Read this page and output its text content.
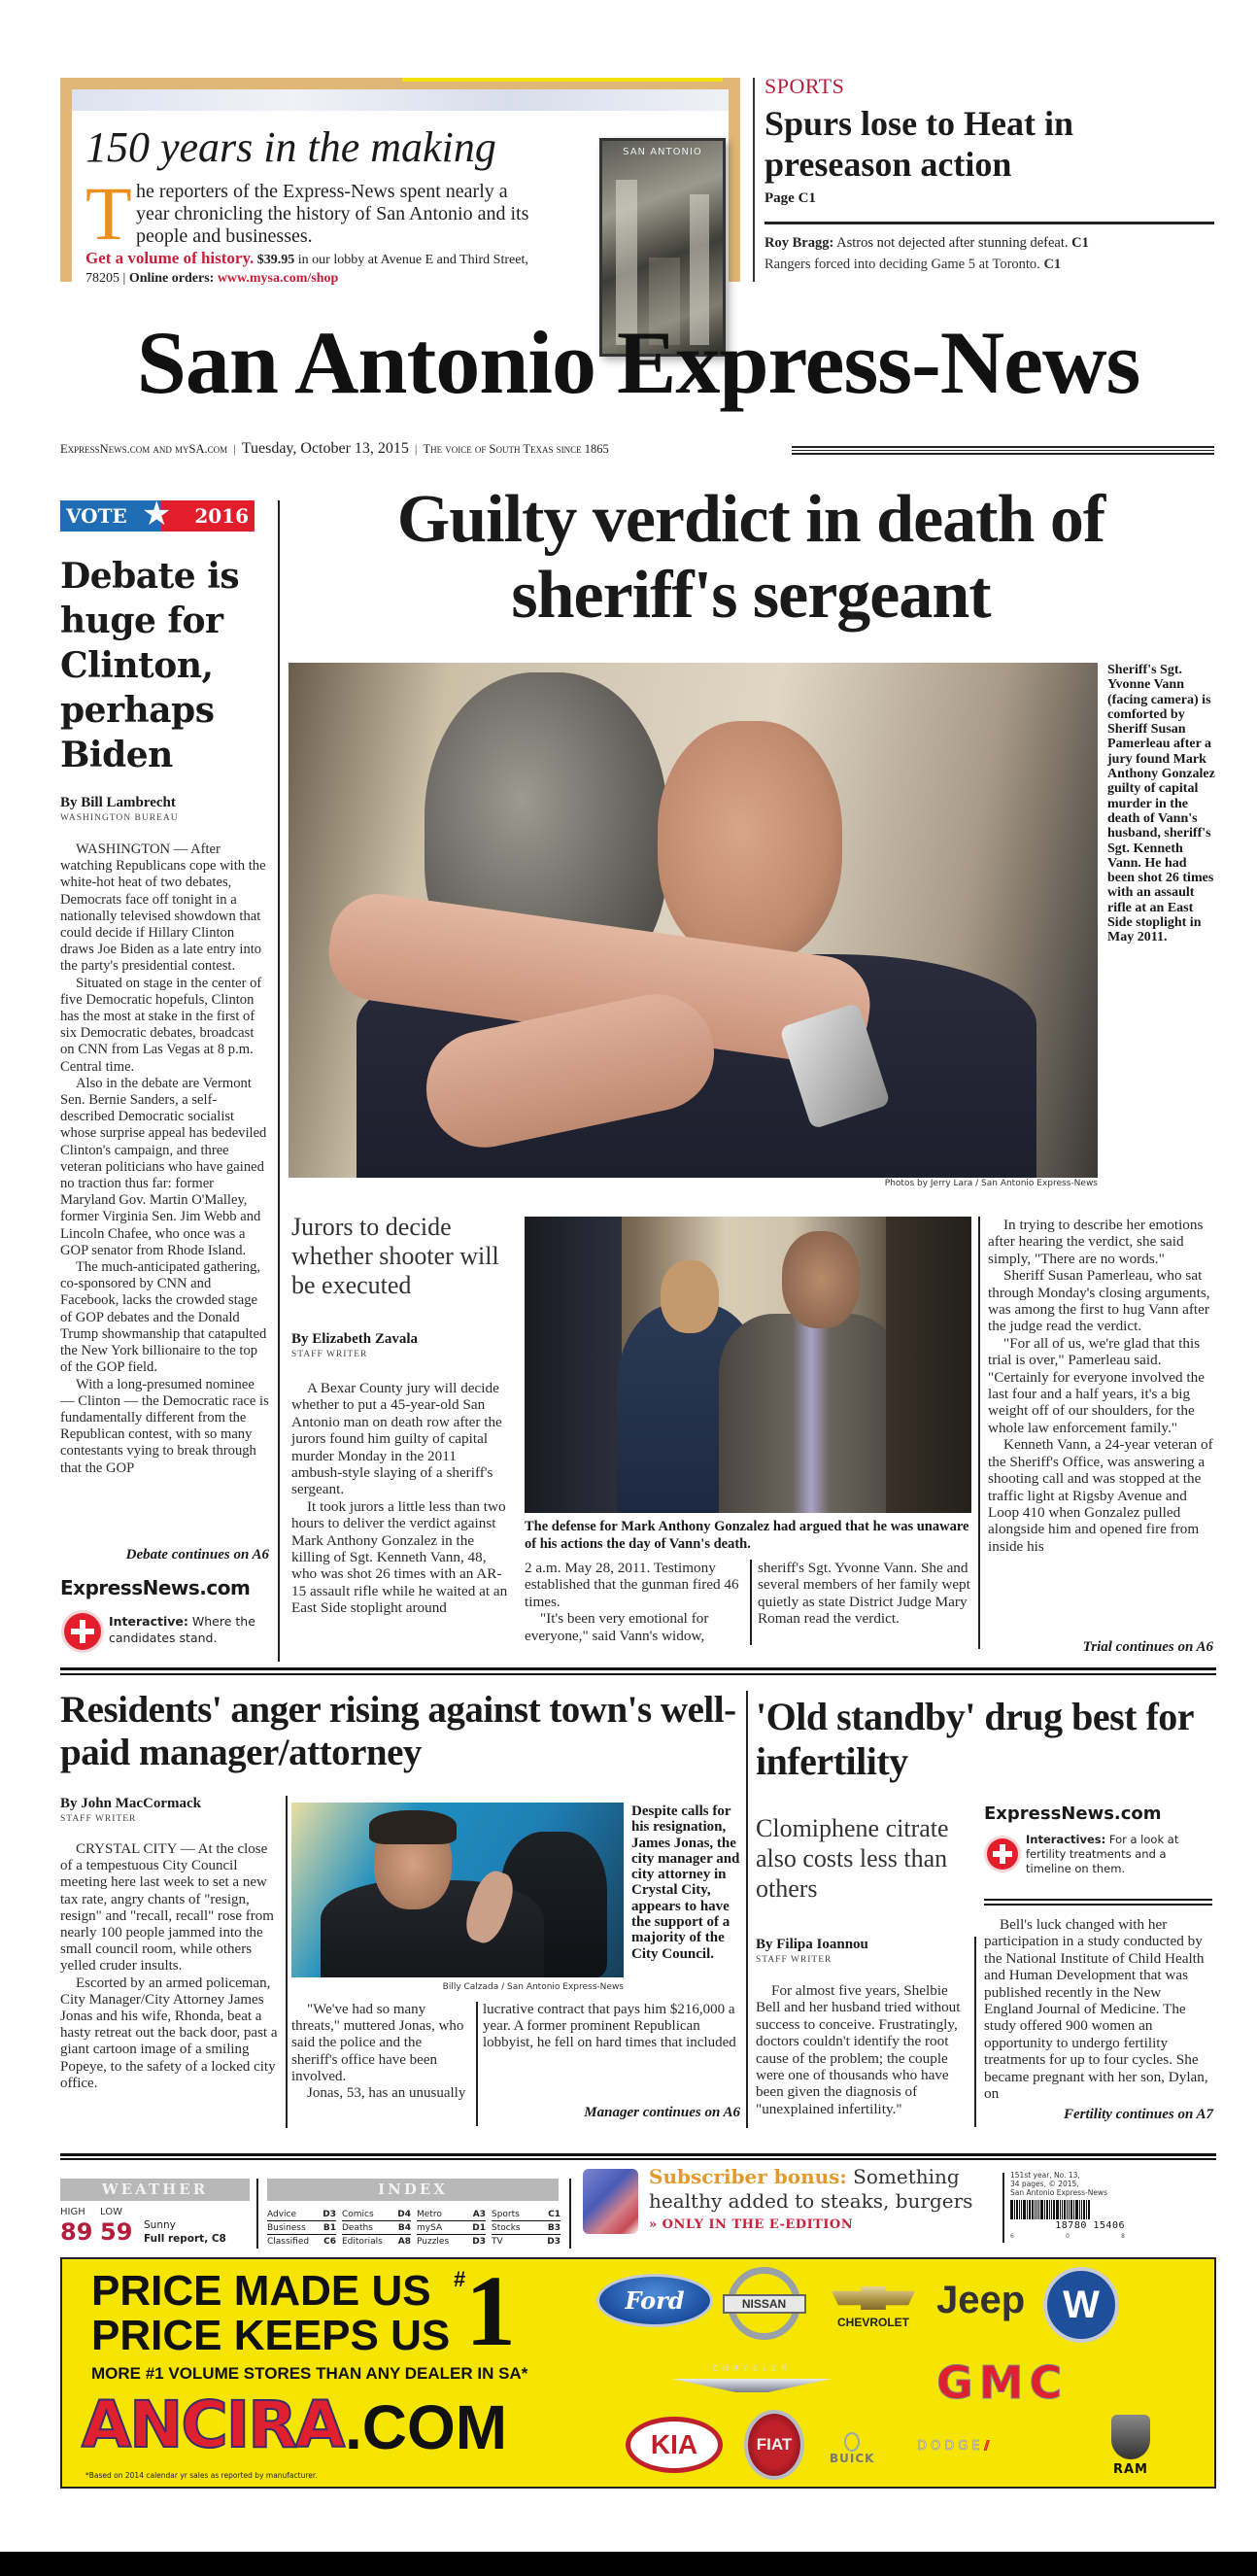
150 years in the making
T he reporters of the Express-News spent nearly a year chronicling the history of San Antonio and its people and businesses.
Get a volume of history. $39.95 in our lobby at Avenue E and Third Street, 78205 | Online orders: www.mysa.com/shop
SAN ANTONIO
SPORTS
Spurs lose to Heat in preseason action
Page C1
Roy Bragg: Astros not dejected after stunning defeat. C1
Rangers forced into deciding Game 5 at Toronto. C1
San Antonio Express-News
ExpressNews.com and mySA.com | Tuesday, October 13, 2015 | The voice of South Texas since 1865
VOTE	2016
★
Debate is huge for Clinton, perhaps Biden
By Bill Lambrecht
WASHINGTON BUREAU

WASHINGTON — After watching Republicans cope with the white-hot heat of two debates, Democrats face off tonight in a nationally televised showdown that could decide if Hillary Clinton draws Joe Biden as a late entry into the party's presidential contest.

Situated on stage in the center of five Democratic hopefuls, Clinton has the most at stake in the first of six Democratic debates, broadcast on CNN from Las Vegas at 8 p.m. Central time.

Also in the debate are Vermont Sen. Bernie Sanders, a self-described Democratic socialist whose surprise appeal has bedeviled Clinton's campaign, and three veteran politicians who have gained no traction thus far: former Maryland Gov. Martin O'Malley, former Virginia Sen. Jim Webb and Lincoln Chafee, who once was a GOP senator from Rhode Island.

The much-anticipated gathering, co-sponsored by CNN and Facebook, lacks the crowded stage of GOP debates and the Donald Trump showmanship that catapulted the New York billionaire to the top of the GOP field.

With a long-presumed nominee — Clinton — the Democratic race is fundamentally different from the Republican contest, with so many contestants vying to break through that the GOP

Debate continues on A6
ExpressNews.com
Interactive: Where the candidates stand.
Guilty verdict in death of sheriff's sergeant
Photos by Jerry Lara / San Antonio Express-News
Sheriff's Sgt. Yvonne Vann (facing camera) is comforted by Sheriff Susan Pamerleau after a jury found Mark Anthony Gonzalez guilty of capital murder in the death of Vann's husband, sheriff's Sgt. Kenneth Vann. He had been shot 26 times with an assault rifle at an East Side stoplight in May 2011.
Jurors to decide whether shooter will be executed
By Elizabeth Zavala
STAFF WRITER

A Bexar County jury will decide whether to put a 45-year-old San Antonio man on death row after the jurors found him guilty of capital murder Monday in the 2011 ambush-style slaying of a sheriff's sergeant.

It took jurors a little less than two hours to deliver the verdict against Mark Anthony Gonzalez in the killing of Sgt. Kenneth Vann, 48, who was shot 26 times with an AR-15 assault rifle while he waited at an East Side stoplight around

The defense for Mark Anthony Gonzalez had argued that he was unaware of his actions the day of Vann's death.

2 a.m. May 28, 2011. Testimony established that the gunman fired 46 times.

"It's been very emotional for everyone," said Vann's widow,

sheriff's Sgt. Yvonne Vann. She and several members of her family wept quietly as state District Judge Mary Roman read the verdict.

In trying to describe her emotions after hearing the verdict, she said simply, "There are no words."

Sheriff Susan Pamerleau, who sat through Monday's closing arguments, was among the first to hug Vann after the judge read the verdict.

"For all of us, we're glad that this trial is over," Pamerleau said. "Certainly for everyone involved the last four and a half years, it's a big weight off of our shoulders, for the whole law enforcement family."

Kenneth Vann, a 24-year veteran of the Sheriff's Office, was answering a shooting call and was stopped at the traffic light at Rigsby Avenue and Loop 410 when Gonzalez pulled alongside him and opened fire from inside his

Trial continues on A6
Residents' anger rising against town's well-paid manager/attorney
By John MacCormack
STAFF WRITER

CRYSTAL CITY — At the close of a tempestuous City Council meeting here last week to set a new tax rate, angry chants of "resign, resign" and "recall, recall" rose from nearly 100 people jammed into the small council room, while others yelled cruder insults.

Escorted by an armed policeman, City Manager/City Attorney James Jonas and his wife, Rhonda, beat a hasty retreat out the back door, past a giant cartoon image of a smiling Popeye, to the safety of a locked city office.

Billy Calzada / San Antonio Express-News
Despite calls for his resignation, James Jonas, the city manager and city attorney in Crystal City, appears to have the support of a majority of the City Council.

"We've had so many threats," muttered Jonas, who said the police and the sheriff's office have been involved.

Jonas, 53, has an unusually

lucrative contract that pays him $216,000 a year. A former prominent Republican lobbyist, he fell on hard times that included

Manager continues on A6
'Old standby' drug best for infertility
Clomiphene citrate also costs less than others
By Filipa Ioannou
STAFF WRITER

For almost five years, Shelbie Bell and her husband tried without success to conceive. Frustratingly, doctors couldn't identify the root cause of the problem; the couple were one of thousands who have been given the diagnosis of "unexplained infertility."

ExpressNews.com
Interactives: For a look at fertility treatments and a timeline on them.

Bell's luck changed with her participation in a study conducted by the National Institute of Child Health and Human Development that was published recently in the New England Journal of Medicine. The study offered 900 women an opportunity to undergo fertility treatments for up to four cycles. She became pregnant with her son, Dylan, on

Fertility continues on A7
WEATHER
HIGH LOW
89 59 Sunny
Full report, C8
INDEX
Advice	D3 Comics	D4 Metro	A3 Sports	C1
Business B1 Deaths	B4 mySA	D1 Stocks	B3
Classified C6 Editorials A8 Puzzles	D3 TV	D3
Subscriber bonus: Something
healthy added to steaks, burgers
» ONLY IN THE E-EDITION
151st year, No. 13,
34 pages, © 2015,
San Antonio Express-News
18780 15406
6	0	8
PRICE MADE US
PRICE KEEPS US
# 1
MORE #1 VOLUME STORES THAN ANY DEALER IN SA*
ANCIRA .COM
*Based on 2014 calendar yr sales as reported by manufacturer.
Ford	NISSAN
CHEVROLET
Jeep W
CHRYSLER	GMC
KIA	FIAT
BUICK
DODGE //
RAM
